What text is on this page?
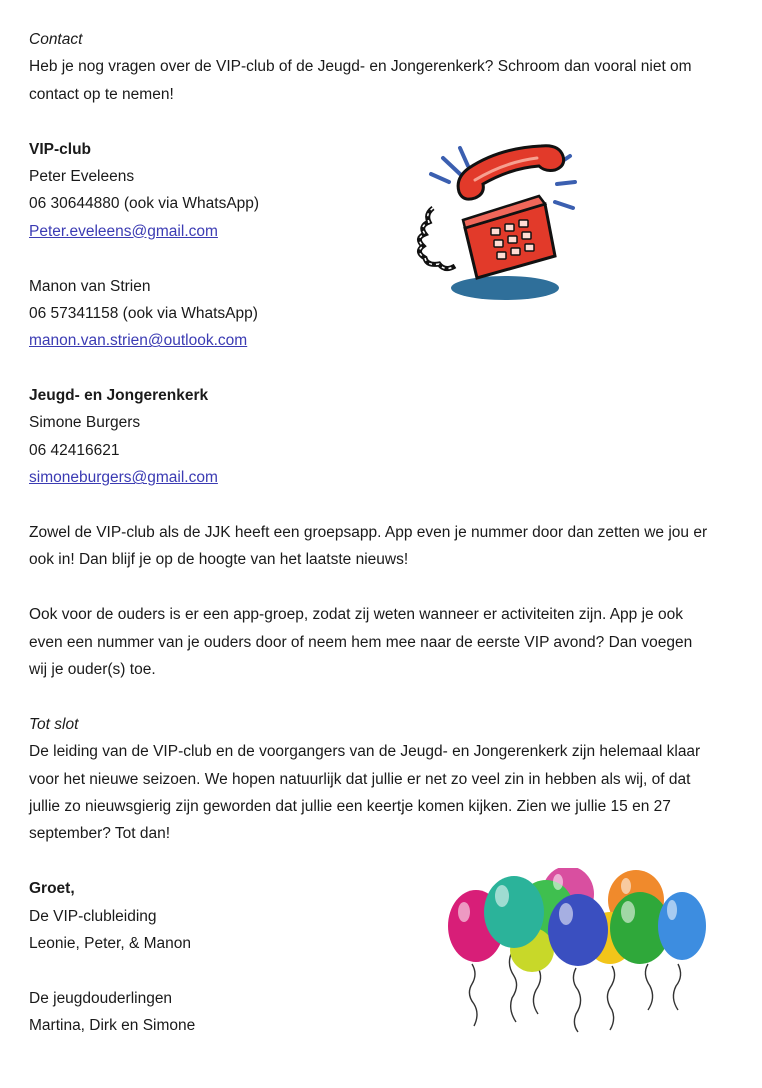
Contact
Heb je nog vragen over de VIP-club of de Jeugd- en Jongerenkerk? Schroom dan vooral niet om
contact op te nemen!
VIP-club
Peter Eveleens
06 30644880 (ook via WhatsApp)
Peter.eveleens@gmail.com
Manon van Strien
06 57341158 (ook via WhatsApp)
manon.van.strien@outlook.com
Jeugd- en Jongerenkerk
Simone Burgers
06 42416621
simoneburgers@gmail.com
Zowel de VIP-club als de JJK heeft een groepsapp. App even je nummer door dan zetten we jou er
ook in! Dan blijf je op de hoogte van het laatste nieuws!
Ook voor de ouders is er een app-groep, zodat zij weten wanneer er activiteiten zijn. App je ook
even een nummer van je ouders door of neem hem mee naar de eerste VIP avond? Dan voegen
wij je ouder(s) toe.
Tot slot
De leiding van de VIP-club en de voorgangers van de Jeugd- en Jongerenkerk zijn helemaal klaar
voor het nieuwe seizoen. We hopen natuurlijk dat jullie er net zo veel zin in hebben als wij, of dat
jullie zo nieuwsgierig zijn geworden dat jullie een keertje komen kijken. Zien we jullie 15 en 27
september? Tot dan!
Groet,
De VIP-clubleiding
Leonie, Peter, & Manon
De jeugdouderlingen
Martina, Dirk en Simone
